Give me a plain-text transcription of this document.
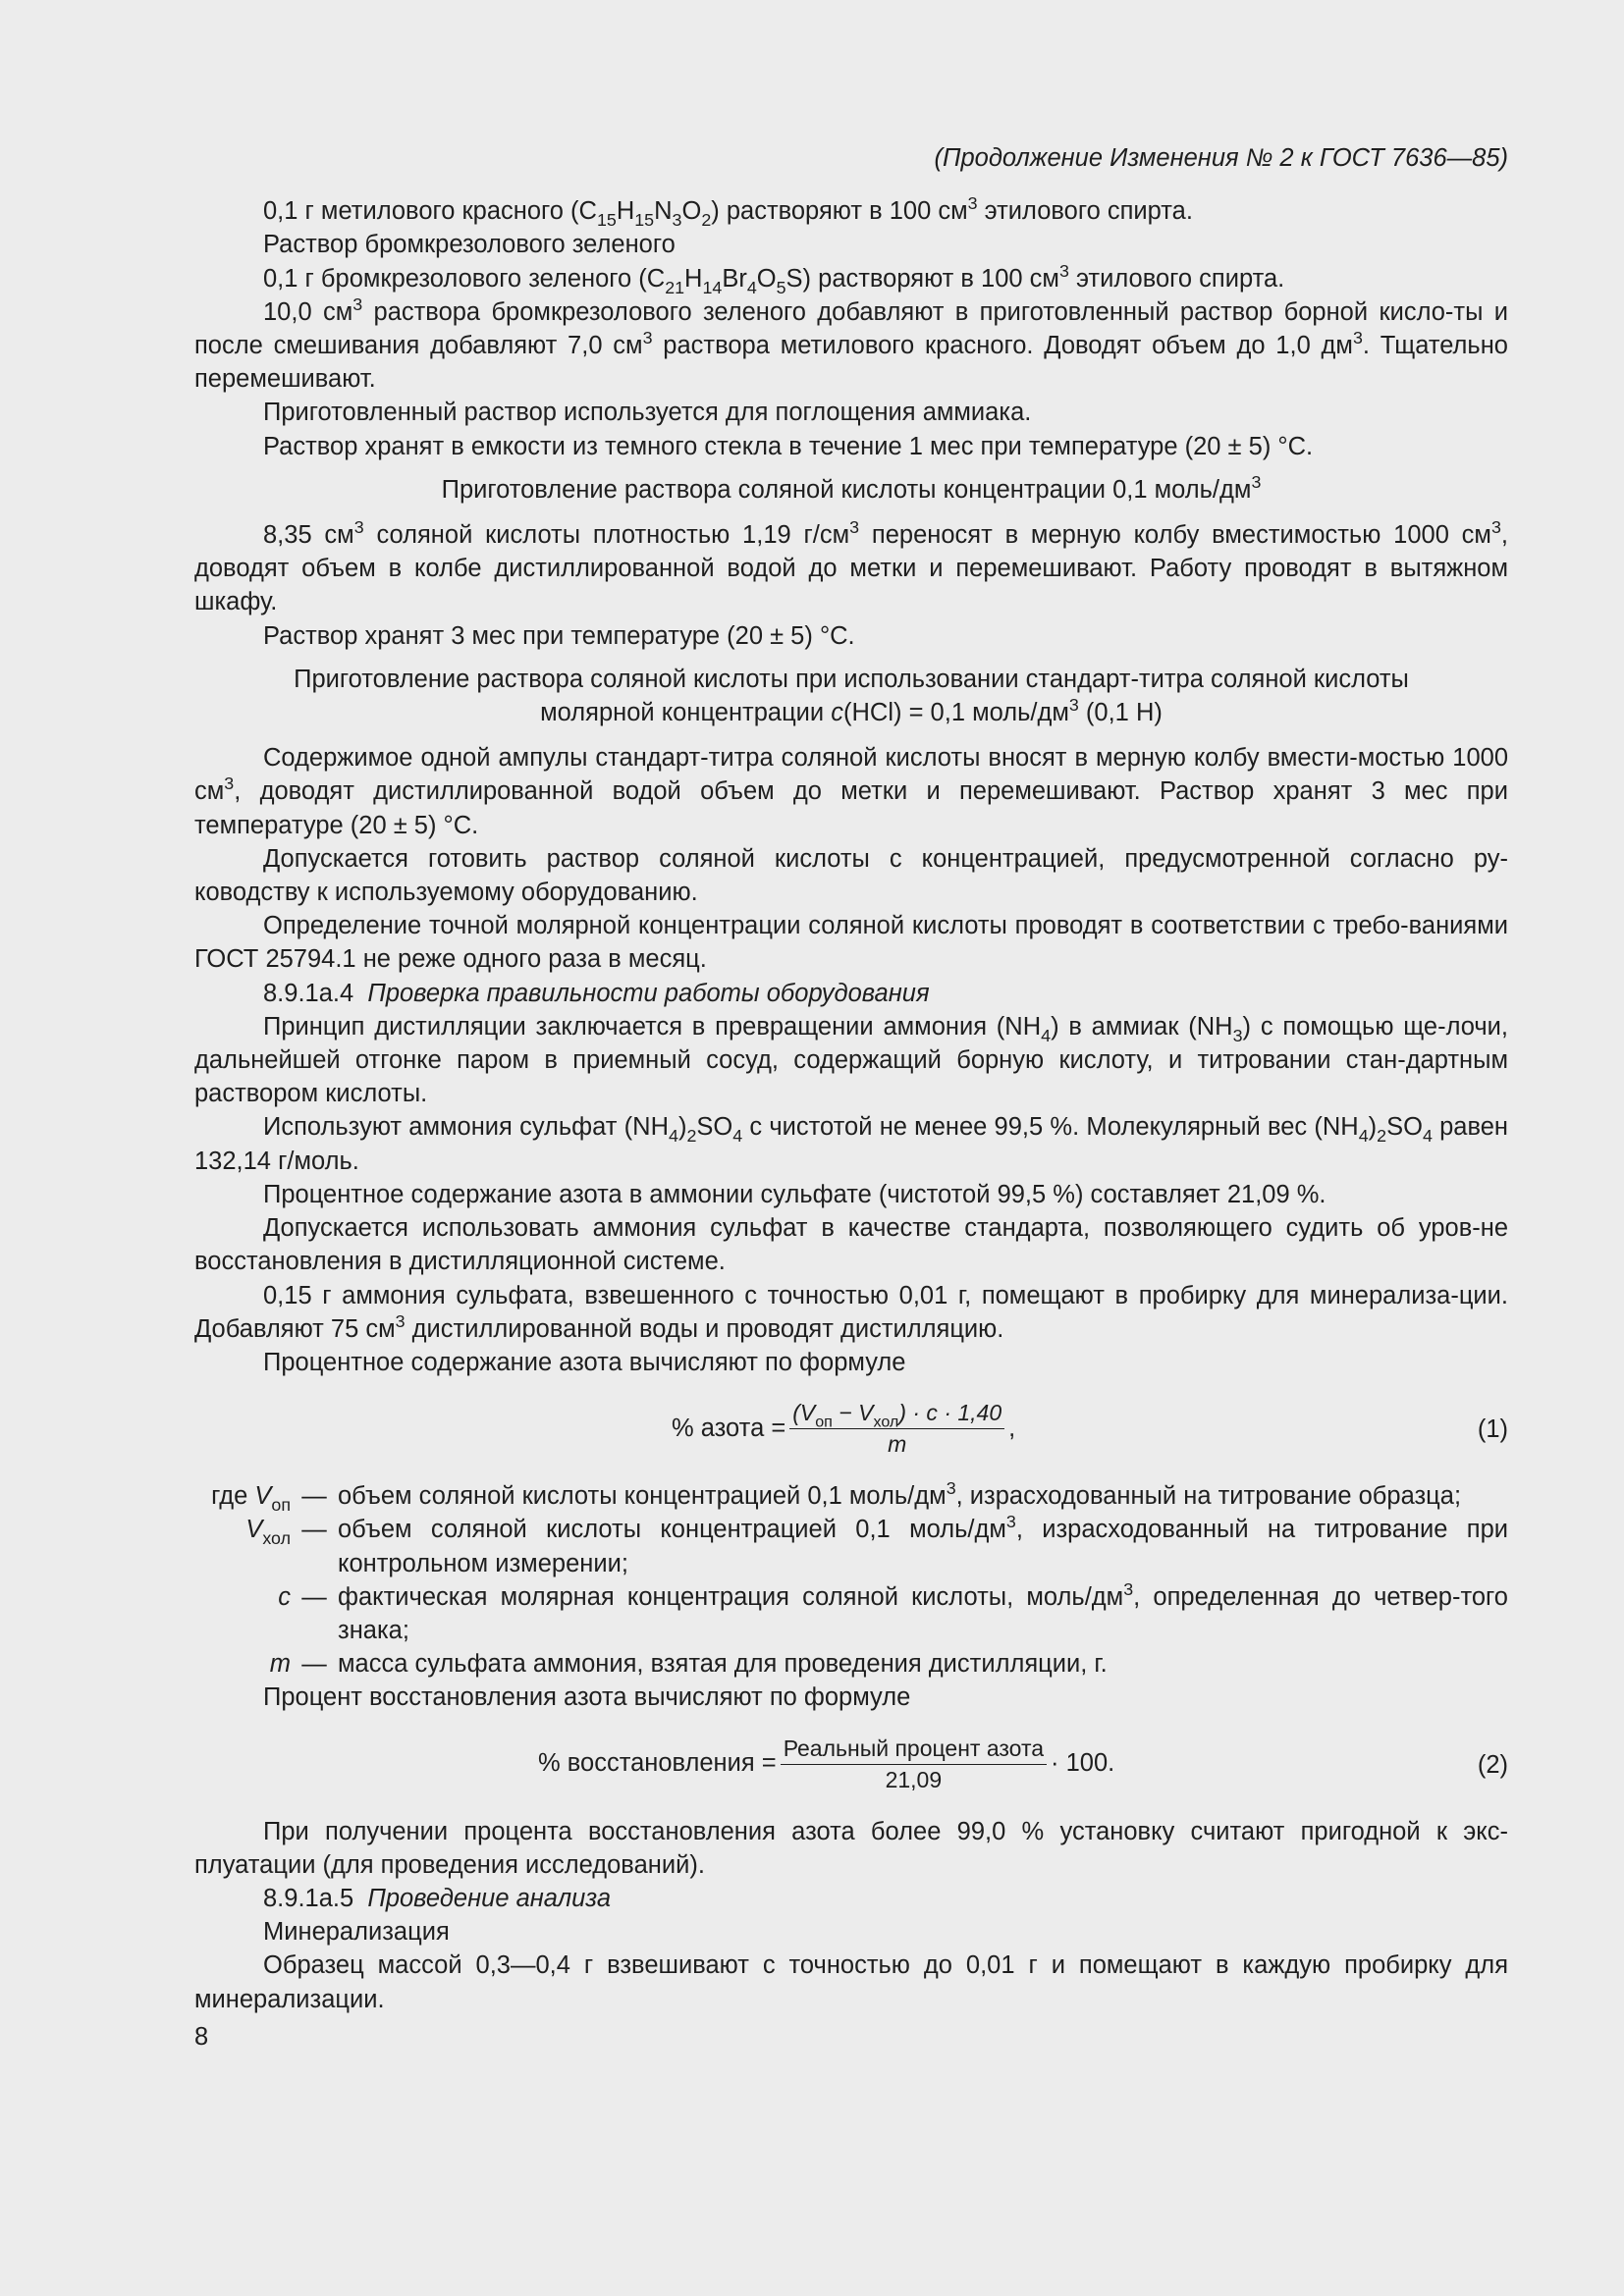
(Продолжение Изменения № 2 к ГОСТ 7636—85)

0,1 г метилового красного $(C_{15}H_{15}N_3O_2)$ растворяют в 100 $см^3$ этилового спирта.

Раствор бромкрезолового зеленого

0,1 г бромкрезолового зеленого $(C_{21}H_{14}Br_4O_5S)$ растворяют в 100 $см^3$ этилового спирта.

10,0 $см^3$ раствора бромкрезолового зеленого добавляют в приготовленный раствор борной кисло-ты и после смешивания добавляют 7,0 $см^3$ раствора метилового красного. Доводят объем до 1,0 $дм^3$. Тщательно перемешивают.

Приготовленный раствор используется для поглощения аммиака.

Раствор хранят в емкости из темного стекла в течение 1 мес при температуре (20 ± 5) °С.

Приготовление раствора соляной кислоты концентрации 0,1 моль/$дм^3$

8,35 $см^3$ соляной кислоты плотностью 1,19 $г/см^3$ переносят в мерную колбу вместимостью 1000 $см^3$, доводят объем в колбе дистиллированной водой до метки и перемешивают. Работу проводят в вытяжном шкафу.

Раствор хранят 3 мес при температуре (20 ± 5) °С.

Приготовление раствора соляной кислоты при использовании стандарт-титра соляной кислоты
молярной концентрации c(HCl) = 0,1 моль/$дм^3$ (0,1 Н)

Содержимое одной ампулы стандарт-титра соляной кислоты вносят в мерную колбу вмести-мостью 1000 $см^3$, доводят дистиллированной водой объем до метки и перемешивают. Раствор хранят 3 мес при температуре (20 ± 5) °С.

Допускается готовить раствор соляной кислоты с концентрацией, предусмотренной согласно ру-ководству к используемому оборудованию.

Определение точной молярной концентрации соляной кислоты проводят в соответствии с требо-ваниями ГОСТ 25794.1 не реже одного раза в месяц.

8.9.1а.4 Проверка правильности работы оборудования

Принцип дистилляции заключается в превращении аммония $(NH_4)$ в аммиак $(NH_3)$ с помощью ще-лочи, дальнейшей отгонке паром в приемный сосуд, содержащий борную кислоту, и титровании стан-дартным раствором кислоты.

Используют аммония сульфат $(NH_4)_2SO_4$ с чистотой не менее 99,5 %. Молекулярный вес $(NH_4)_2SO_4$ равен 132,14 г/моль.

Процентное содержание азота в аммонии сульфате (чистотой 99,5 %) составляет 21,09 %.

Допускается использовать аммония сульфат в качестве стандарта, позволяющего судить об уров-не восстановления в дистилляционной системе.

0,15 г аммония сульфата, взвешенного с точностью 0,01 г, помещают в пробирку для минерализа-ции. Добавляют 75 $см^3$ дистиллированной воды и проводят дистилляцию.

Процентное содержание азота вычисляют по формуле

% азота = $\frac{(V_{оп} - V_{хол}) \cdot c \cdot 1,40}{m}$ ,	(1)
где $V_{оп}$ — объем соляной кислоты концентрацией 0,1 моль/$дм^3$, израсходованный на титрование образца;
$V_{хол}$ — объем соляной кислоты концентрацией 0,1 моль/$дм^3$, израсходованный на титрование при контрольном измерении;
c — фактическая молярная концентрация соляной кислоты, моль/$дм^3$, определенная до четвер-того знака;
m — масса сульфата аммония, взятая для проведения дистилляции, г.

Процент восстановления азота вычисляют по формуле

% восстановления = $\frac{\text{Реальный процент азота}}{21,09} \cdot 100$.	(2)

При получении процента восстановления азота более 99,0 % установку считают пригодной к экс-плуатации (для проведения исследований).

8.9.1а.5 Проведение анализа

Минерализация

Образец массой 0,3—0,4 г взвешивают с точностью до 0,01 г и помещают в каждую пробирку для минерализации.

8
